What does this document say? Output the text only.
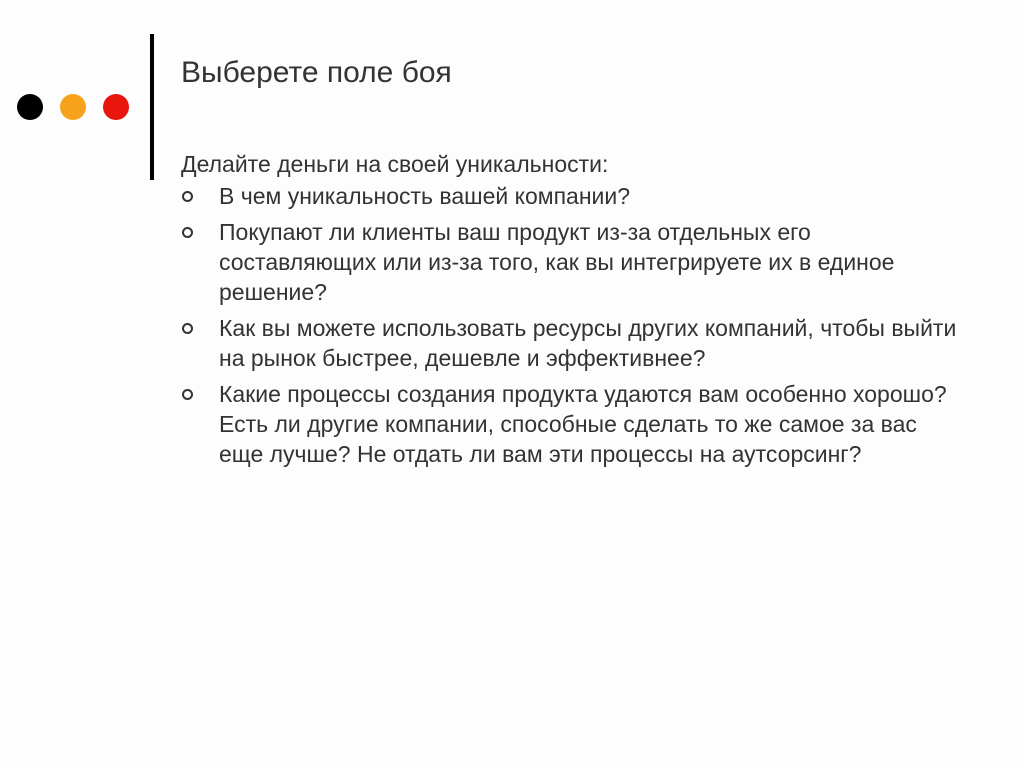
Выберете поле боя

Делайте деньги на своей уникальности:

В чем уникальность вашей компании?
Покупают ли клиенты ваш продукт из-за отдельных его составляющих или из-за того, как вы интегрируете их в единое решение?
Как вы можете использовать ресурсы других компаний, чтобы выйти на рынок быстрее, дешевле и эффективнее?
Какие процессы создания продукта удаются вам особенно хорошо? Есть ли другие компании, способные сделать то же самое за вас еще лучше? Не отдать ли вам эти процессы на аутсорсинг?
